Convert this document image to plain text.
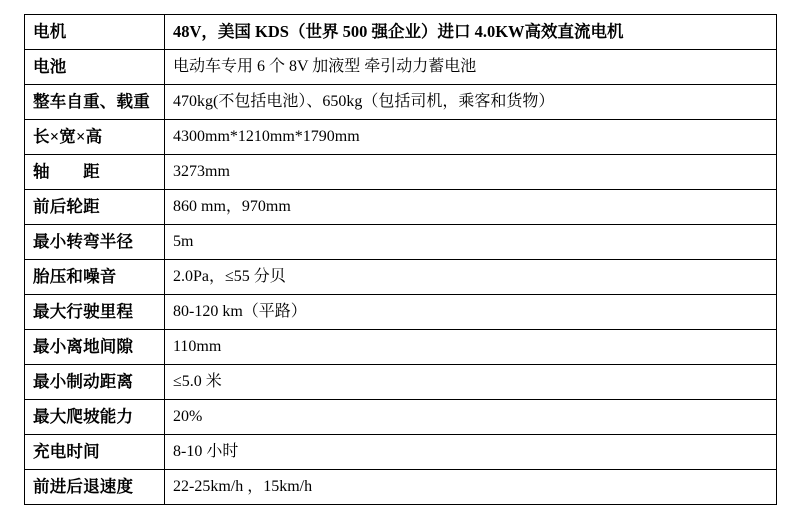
电机	48V，美国 KDS（世界 500 强企业）进口 4.0KW高效直流电机
电池	电动车专用 6 个 8V 加液型 牵引动力蓄电池
整车自重、载重	470kg(不包括电池）、650kg（包括司机，乘客和货物）
长×宽×高	4300mm*1210mm*1790mm
轴　　距	3273mm
前后轮距	860 mm，970mm
最小转弯半径	5m
胎压和噪音	2.0Pa，≤55 分贝
最大行驶里程	80-120 km（平路）
最小离地间隙	110mm
最小制动距离	≤5.0 米
最大爬坡能力	20%
充电时间	8-10 小时
前进后退速度	22-25km/h ，15km/h
